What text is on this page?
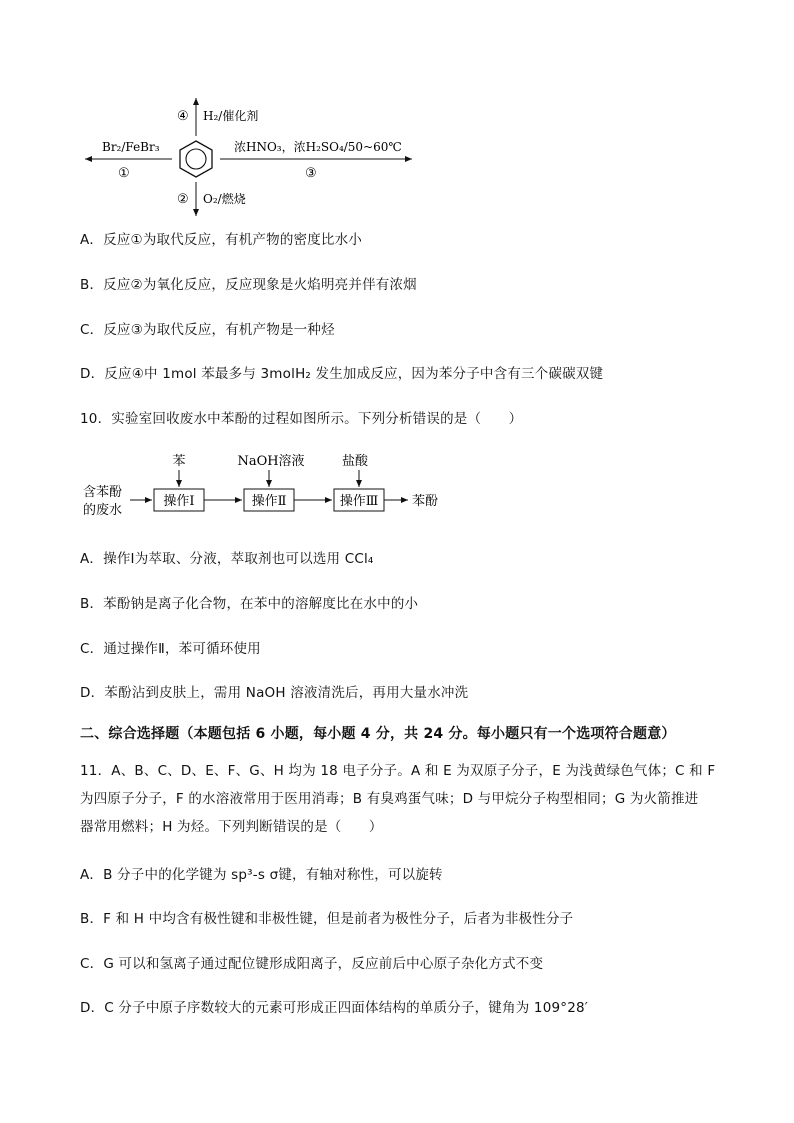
Br₂/FeBr₃
①
浓HNO₃，浓H₂SO₄/50~60℃
③
H₂/催化剂
④
O₂/燃烧
②
A．反应①为取代反应，有机产物的密度比水小
B．反应②为氧化反应，反应现象是火焰明亮并伴有浓烟
C．反应③为取代反应，有机产物是一种烃
D．反应④中 1mol 苯最多与 3molH₂ 发生加成反应，因为苯分子中含有三个碳碳双键
10．实验室回收废水中苯酚的过程如图所示。下列分析错误的是（　　）
含苯酚
的废水
操作Ⅰ
苯
操作Ⅱ
NaOH溶液
操作Ⅲ
盐酸
苯酚
A．操作Ⅰ为萃取、分液，萃取剂也可以选用 CCl₄
B．苯酚钠是离子化合物，在苯中的溶解度比在水中的小
C．通过操作Ⅱ，苯可循环使用
D．苯酚沾到皮肤上，需用 NaOH 溶液清洗后，再用大量水冲洗
二、综合选择题（本题包括 6 小题，每小题 4 分，共 24 分。每小题只有一个选项符合题意）
11．A、B、C、D、E、F、G、H 均为 18 电子分子。A 和 E 为双原子分子，E 为浅黄绿色气体；C 和 F
为四原子分子，F 的水溶液常用于医用消毒；B 有臭鸡蛋气味；D 与甲烷分子构型相同；G 为火箭推进
器常用燃料；H 为烃。下列判断错误的是（　　）
A．B 分子中的化学键为 sp³-s σ键，有轴对称性，可以旋转
B．F 和 H 中均含有极性键和非极性键，但是前者为极性分子，后者为非极性分子
C．G 可以和氢离子通过配位键形成阳离子，反应前后中心原子杂化方式不变
D．C 分子中原子序数较大的元素可形成正四面体结构的单质分子，键角为 109°28′
